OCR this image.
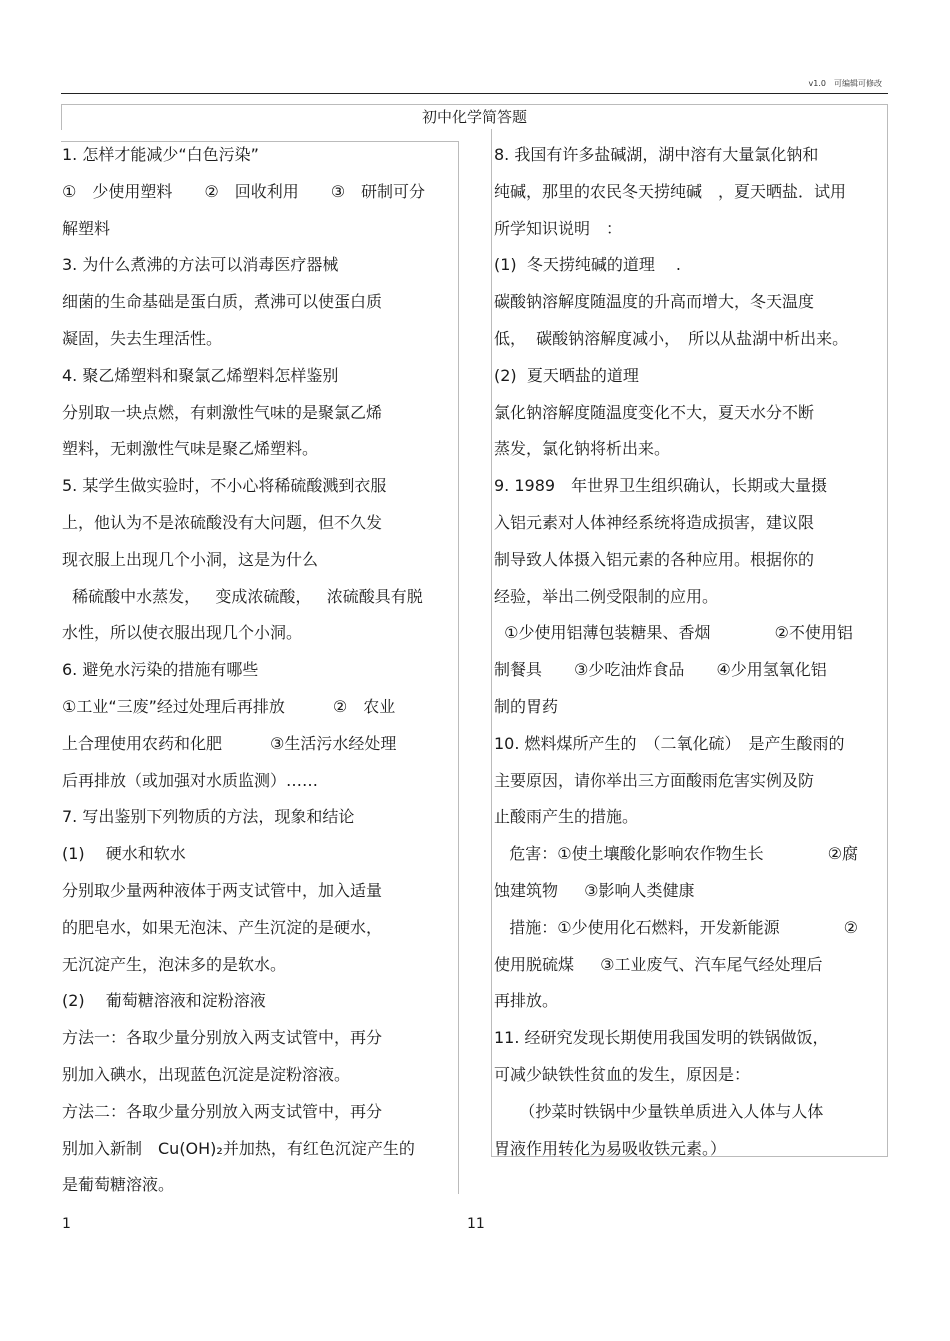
v1.0　可编辑可修改
初中化学简答题
1. 怎样才能减少“白色污染”
①　少使用塑料　　②　回收利用　　③　研制可分
解塑料
3. 为什么煮沸的方法可以消毒医疗器械
细菌的生命基础是蛋白质，煮沸可以使蛋白质
凝固，失去生理活性。
4. 聚乙烯塑料和聚氯乙烯塑料怎样鉴别
分别取一块点燃，有刺激性气味的是聚氯乙烯
塑料，无刺激性气味是聚乙烯塑料。
5. 某学生做实验时，不小心将稀硫酸溅到衣服
上，他认为不是浓硫酸没有大问题，但不久发
现衣服上出现几个小洞，这是为什么
稀硫酸中水蒸发，   变成浓硫酸，   浓硫酸具有脱
水性，所以使衣服出现几个小洞。
6. 避免水污染的措施有哪些
①工业“三废”经过处理后再排放　　　②　农业
上合理使用农药和化肥　　　③生活污水经处理
后再排放（或加强对水质监测）……
7. 写出鉴别下列物质的方法，现象和结论
(1)　 硬水和软水
分别取少量两种液体于两支试管中，加入适量
的肥皂水，如果无泡沫、产生沉淀的是硬水，
无沉淀产生，泡沫多的是软水。
(2)　 葡萄糖溶液和淀粉溶液
方法一：各取少量分别放入两支试管中，再分
别加入碘水，出现蓝色沉淀是淀粉溶液。
方法二：各取少量分别放入两支试管中，再分
别加入新制　Cu(OH)₂并加热，有红色沉淀产生的
是葡萄糖溶液。
8. 我国有许多盐碱湖，湖中溶有大量氯化钠和
纯碱，那里的农民冬天捞纯碱　，夏天晒盐．试用
所学知识说明　：
(1)  冬天捞纯碱的道理　 .
碳酸钠溶解度随温度的升高而增大，冬天温度
低，  碳酸钠溶解度减小，　所以从盐湖中析出来。
(2)  夏天晒盐的道理
氯化钠溶解度随温度变化不大，夏天水分不断
蒸发，氯化钠将析出来。
9. 1989　年世界卫生组织确认，长期或大量摄
入铝元素对人体神经系统将造成损害，建议限
制导致人体摄入铝元素的各种应用。根据你的
经验，举出二例受限制的应用。
①少使用铝薄包装糖果、香烟　　　　②不使用铝
制餐具　　③少吃油炸食品　　④少用氢氧化铝
制的胃药
10. 燃料煤所产生的　（二氧化硫）　是产生酸雨的
主要原因，请你举出三方面酸雨危害实例及防
止酸雨产生的措施。
危害：①使土壤酸化影响农作物生长　　　　②腐
蚀建筑物　  ③影响人类健康
措施：①少使用化石燃料，开发新能源　　　　②
使用脱硫煤　  ③工业废气、汽车尾气经处理后
再排放。
11. 经研究发现长期使用我国发明的铁锅做饭，
可减少缺铁性贫血的发生，原因是：
（抄菜时铁锅中少量铁单质进入人体与人体
胃液作用转化为易吸收铁元素。）
1	11
